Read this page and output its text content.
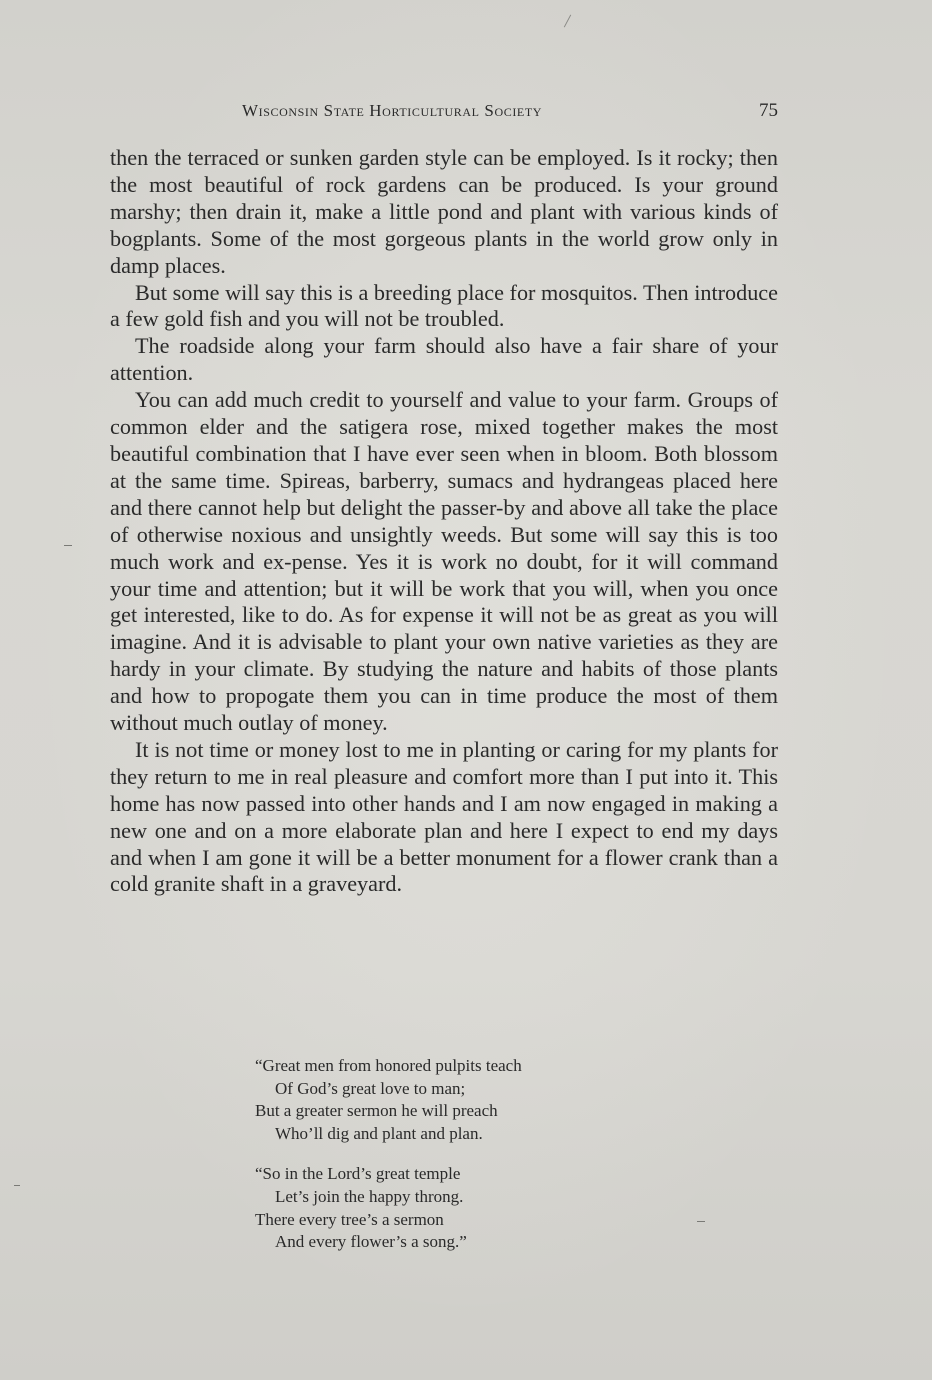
Wisconsin State Horticultural Society	75

then the terraced or sunken garden style can be employed. Is it rocky; then the most beautiful of rock gardens can be produced. Is your ground marshy; then drain it, make a little pond and plant with various kinds of bogplants. Some of the most gorgeous plants in the world grow only in damp places.

But some will say this is a breeding place for mosquitos. Then introduce a few gold fish and you will not be troubled.

The roadside along your farm should also have a fair share of your attention.

You can add much credit to yourself and value to your farm. Groups of common elder and the satigera rose, mixed together makes the most beautiful combination that I have ever seen when in bloom. Both blossom at the same time. Spireas, barberry, sumacs and hydrangeas placed here and there cannot help but delight the passer-by and above all take the place of otherwise noxious and unsightly weeds. But some will say this is too much work and ex-pense. Yes it is work no doubt, for it will command your time and attention; but it will be work that you will, when you once get interested, like to do. As for expense it will not be as great as you will imagine. And it is advisable to plant your own native varieties as they are hardy in your climate. By studying the nature and habits of those plants and how to propogate them you can in time produce the most of them without much outlay of money.

It is not time or money lost to me in planting or caring for my plants for they return to me in real pleasure and comfort more than I put into it. This home has now passed into other hands and I am now engaged in making a new one and on a more elaborate plan and here I expect to end my days and when I am gone it will be a better monument for a flower crank than a cold granite shaft in a graveyard.

“Great men from honored pulpits teach
Of God’s great love to man;
But a greater sermon he will preach
Who’ll dig and plant and plan.
“So in the Lord’s great temple
Let’s join the happy throng.
There every tree’s a sermon
And every flower’s a song.”
